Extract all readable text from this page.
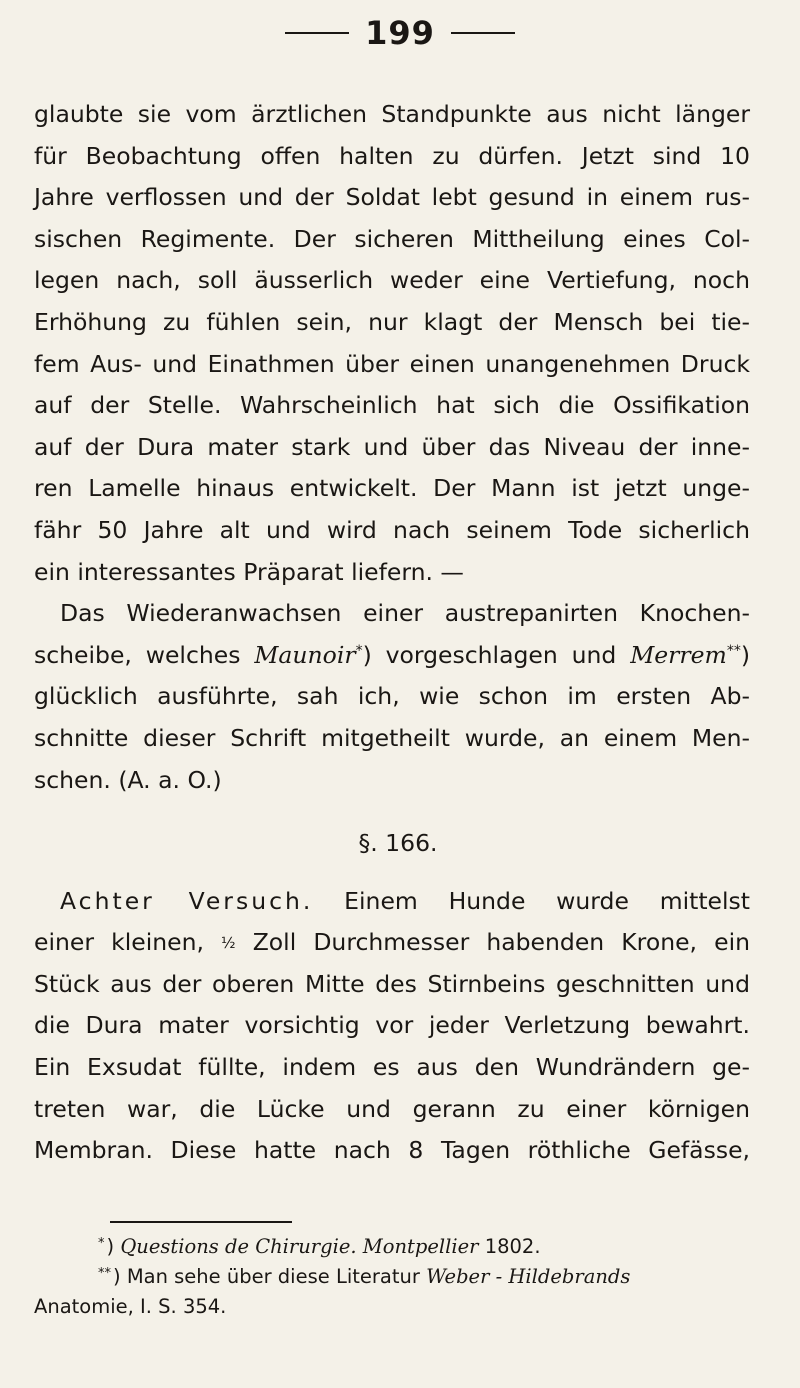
199
glaubte sie vom ärztlichen Standpunkte aus nicht länger
für Beobachtung offen halten zu dürfen. Jetzt sind 10
Jahre verflossen und der Soldat lebt gesund in einem rus-
sischen Regimente. Der sicheren Mittheilung eines Col-
legen nach, soll äusserlich weder eine Vertiefung, noch
Erhöhung zu fühlen sein, nur klagt der Mensch bei tie-
fem Aus- und Einathmen über einen unangenehmen Druck
auf der Stelle. Wahrscheinlich hat sich die Ossifikation
auf der Dura mater stark und über das Niveau der inne-
ren Lamelle hinaus entwickelt. Der Mann ist jetzt unge-
fähr 50 Jahre alt und wird nach seinem Tode sicherlich
ein interessantes Präparat liefern. —
Das Wiederanwachsen einer austrepanirten Knochen-
scheibe, welches Maunoir*) vorgeschlagen und Merrem**)
glücklich ausführte, sah ich, wie schon im ersten Ab-
schnitte dieser Schrift mitgetheilt wurde, an einem Men-
schen. (A. a. O.)
§. 166.
Achter Versuch. Einem Hunde wurde mittelst
einer kleinen, ½ Zoll Durchmesser habenden Krone, ein
Stück aus der oberen Mitte des Stirnbeins geschnitten und
die Dura mater vorsichtig vor jeder Verletzung bewahrt.
Ein Exsudat füllte, indem es aus den Wundrändern ge-
treten war, die Lücke und gerann zu einer körnigen
Membran. Diese hatte nach 8 Tagen röthliche Gefässe,
* ) Questions de Chirurgie. Montpellier 1802.
** ) Man sehe über diese Literatur Weber - Hildebrands
Anatomie, I. S. 354.
